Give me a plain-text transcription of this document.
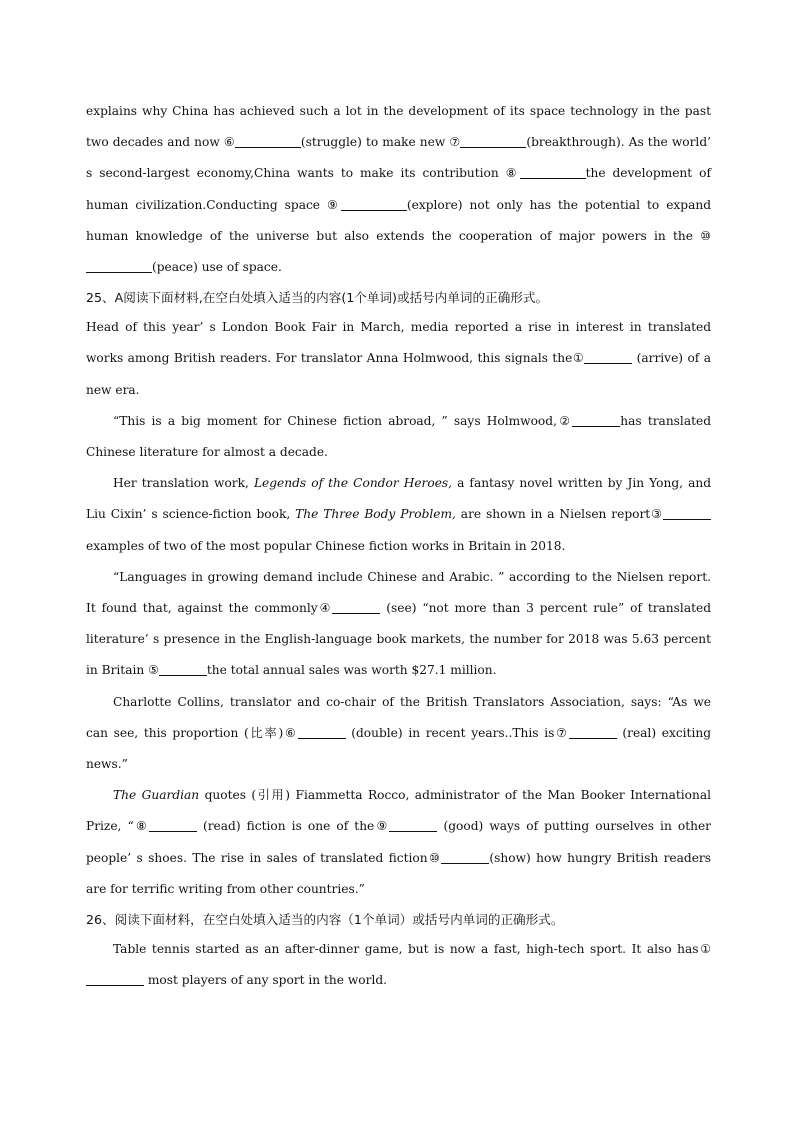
explains why China has achieved such a lot in the development of its space technology in the past two decades and now ⑥	(struggle) to make new ⑦	(breakthrough). As the world’ s second-largest economy,China wants to make its contribution ⑧	the development of human civilization.Conducting space ⑨	(explore) not only has the potential to expand human knowledge of the universe but also extends the cooperation of major powers in the ⑩(peace) use of space.

25、A阅读下面材料,在空白处填入适当的内容(1个单词)或括号内单词的正确形式。

Head of this year’ s London Book Fair in March, media reported a rise in interest in translated works among British readers. For translator Anna Holmwood, this signals the①	(arrive) of a new era.

“This is a big moment for Chinese fiction abroad, ” says Holmwood,②	has translated Chinese literature for almost a decade.

Her translation work, Legends of the Condor Heroes, a fantasy novel written by Jin Yong, and Liu Cixin’ s science-fiction book, The Three Body Problem, are shown in a Nielsen report③examples of two of the most popular Chinese fiction works in Britain in 2018.

“Languages in growing demand include Chinese and Arabic. ” according to the Nielsen report. It found that, against the commonly④	(see) “not more than 3 percent rule” of translated literature’ s presence in the English-language book markets, the number for 2018 was 5.63 percent in Britain ⑤	the total annual sales was worth $27.1 million.

Charlotte Collins, translator and co-chair of the British Translators Association, says: “As we can see, this proportion (比率)⑥	(double) in recent years..This is⑦	(real) exciting news.”

The Guardian quotes (引用) Fiammetta Rocco, administrator of the Man Booker International Prize, “⑧	(read) fiction is one of the⑨	(good) ways of putting ourselves in other people’ s shoes. The rise in sales of translated fiction⑩	(show) how hungry British readers are for terrific writing from other countries.”

26、阅读下面材料，在空白处填入适当的内容（1个单词）或括号内单词的正确形式。

Table tennis started as an after-dinner game, but is now a fast, high-tech sport. It also has① most players of any sport in the world.
